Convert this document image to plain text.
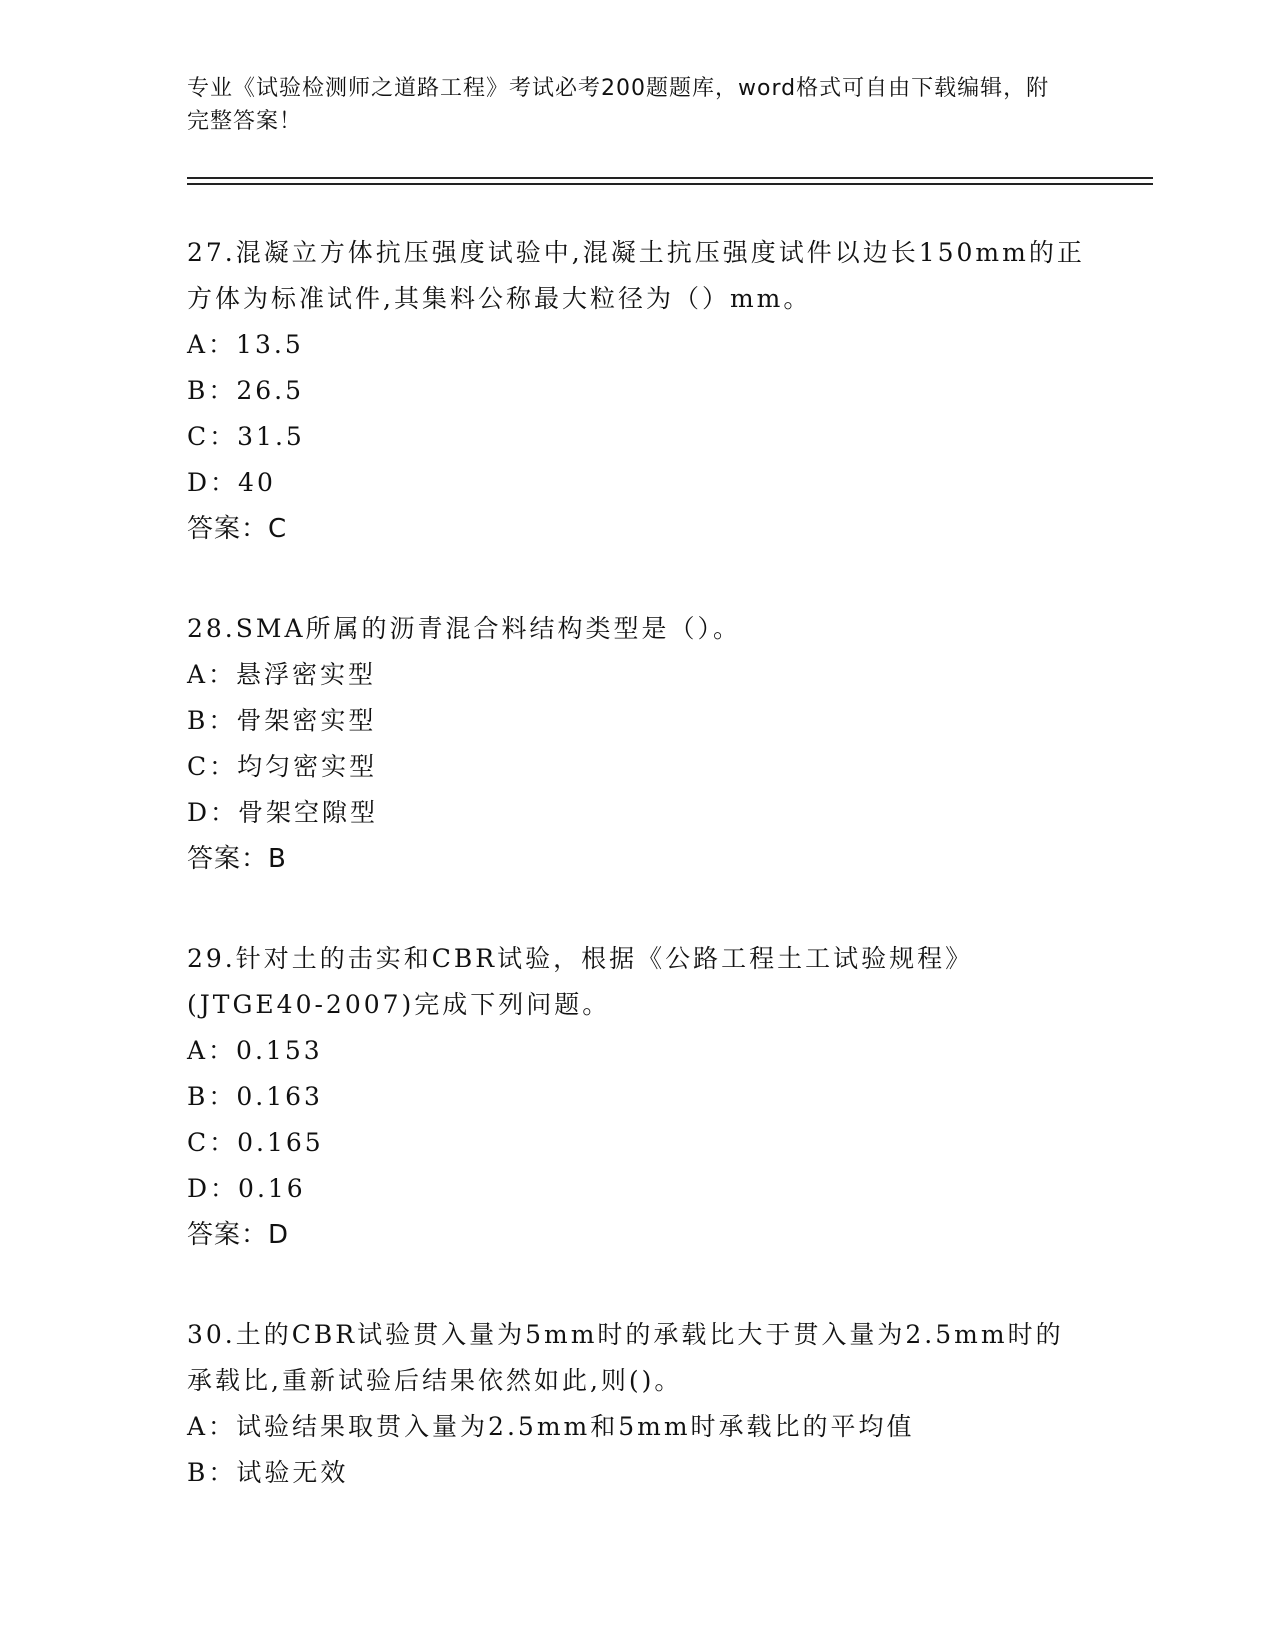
专业《试验检测师之道路工程》考试必考200题题库，word格式可自由下载编辑，附完整答案！
27.混凝立方体抗压强度试验中,混凝土抗压强度试件以边长150mm的正方体为标准试件,其集料公称最大粒径为（）mm。
A：13.5
B：26.5
C：31.5
D：40
答案：C
28.SMA所属的沥青混合料结构类型是（）。
A：悬浮密实型
B：骨架密实型
C：均匀密实型
D：骨架空隙型
答案：B
29.针对土的击实和CBR试验，根据《公路工程土工试验规程》(JTGE40-2007)完成下列问题。
A：0.153
B：0.163
C：0.165
D：0.16
答案：D
30.土的CBR试验贯入量为5mm时的承载比大于贯入量为2.5mm时的承载比,重新试验后结果依然如此,则()。
A：试验结果取贯入量为2.5mm和5mm时承载比的平均值
B：试验无效
